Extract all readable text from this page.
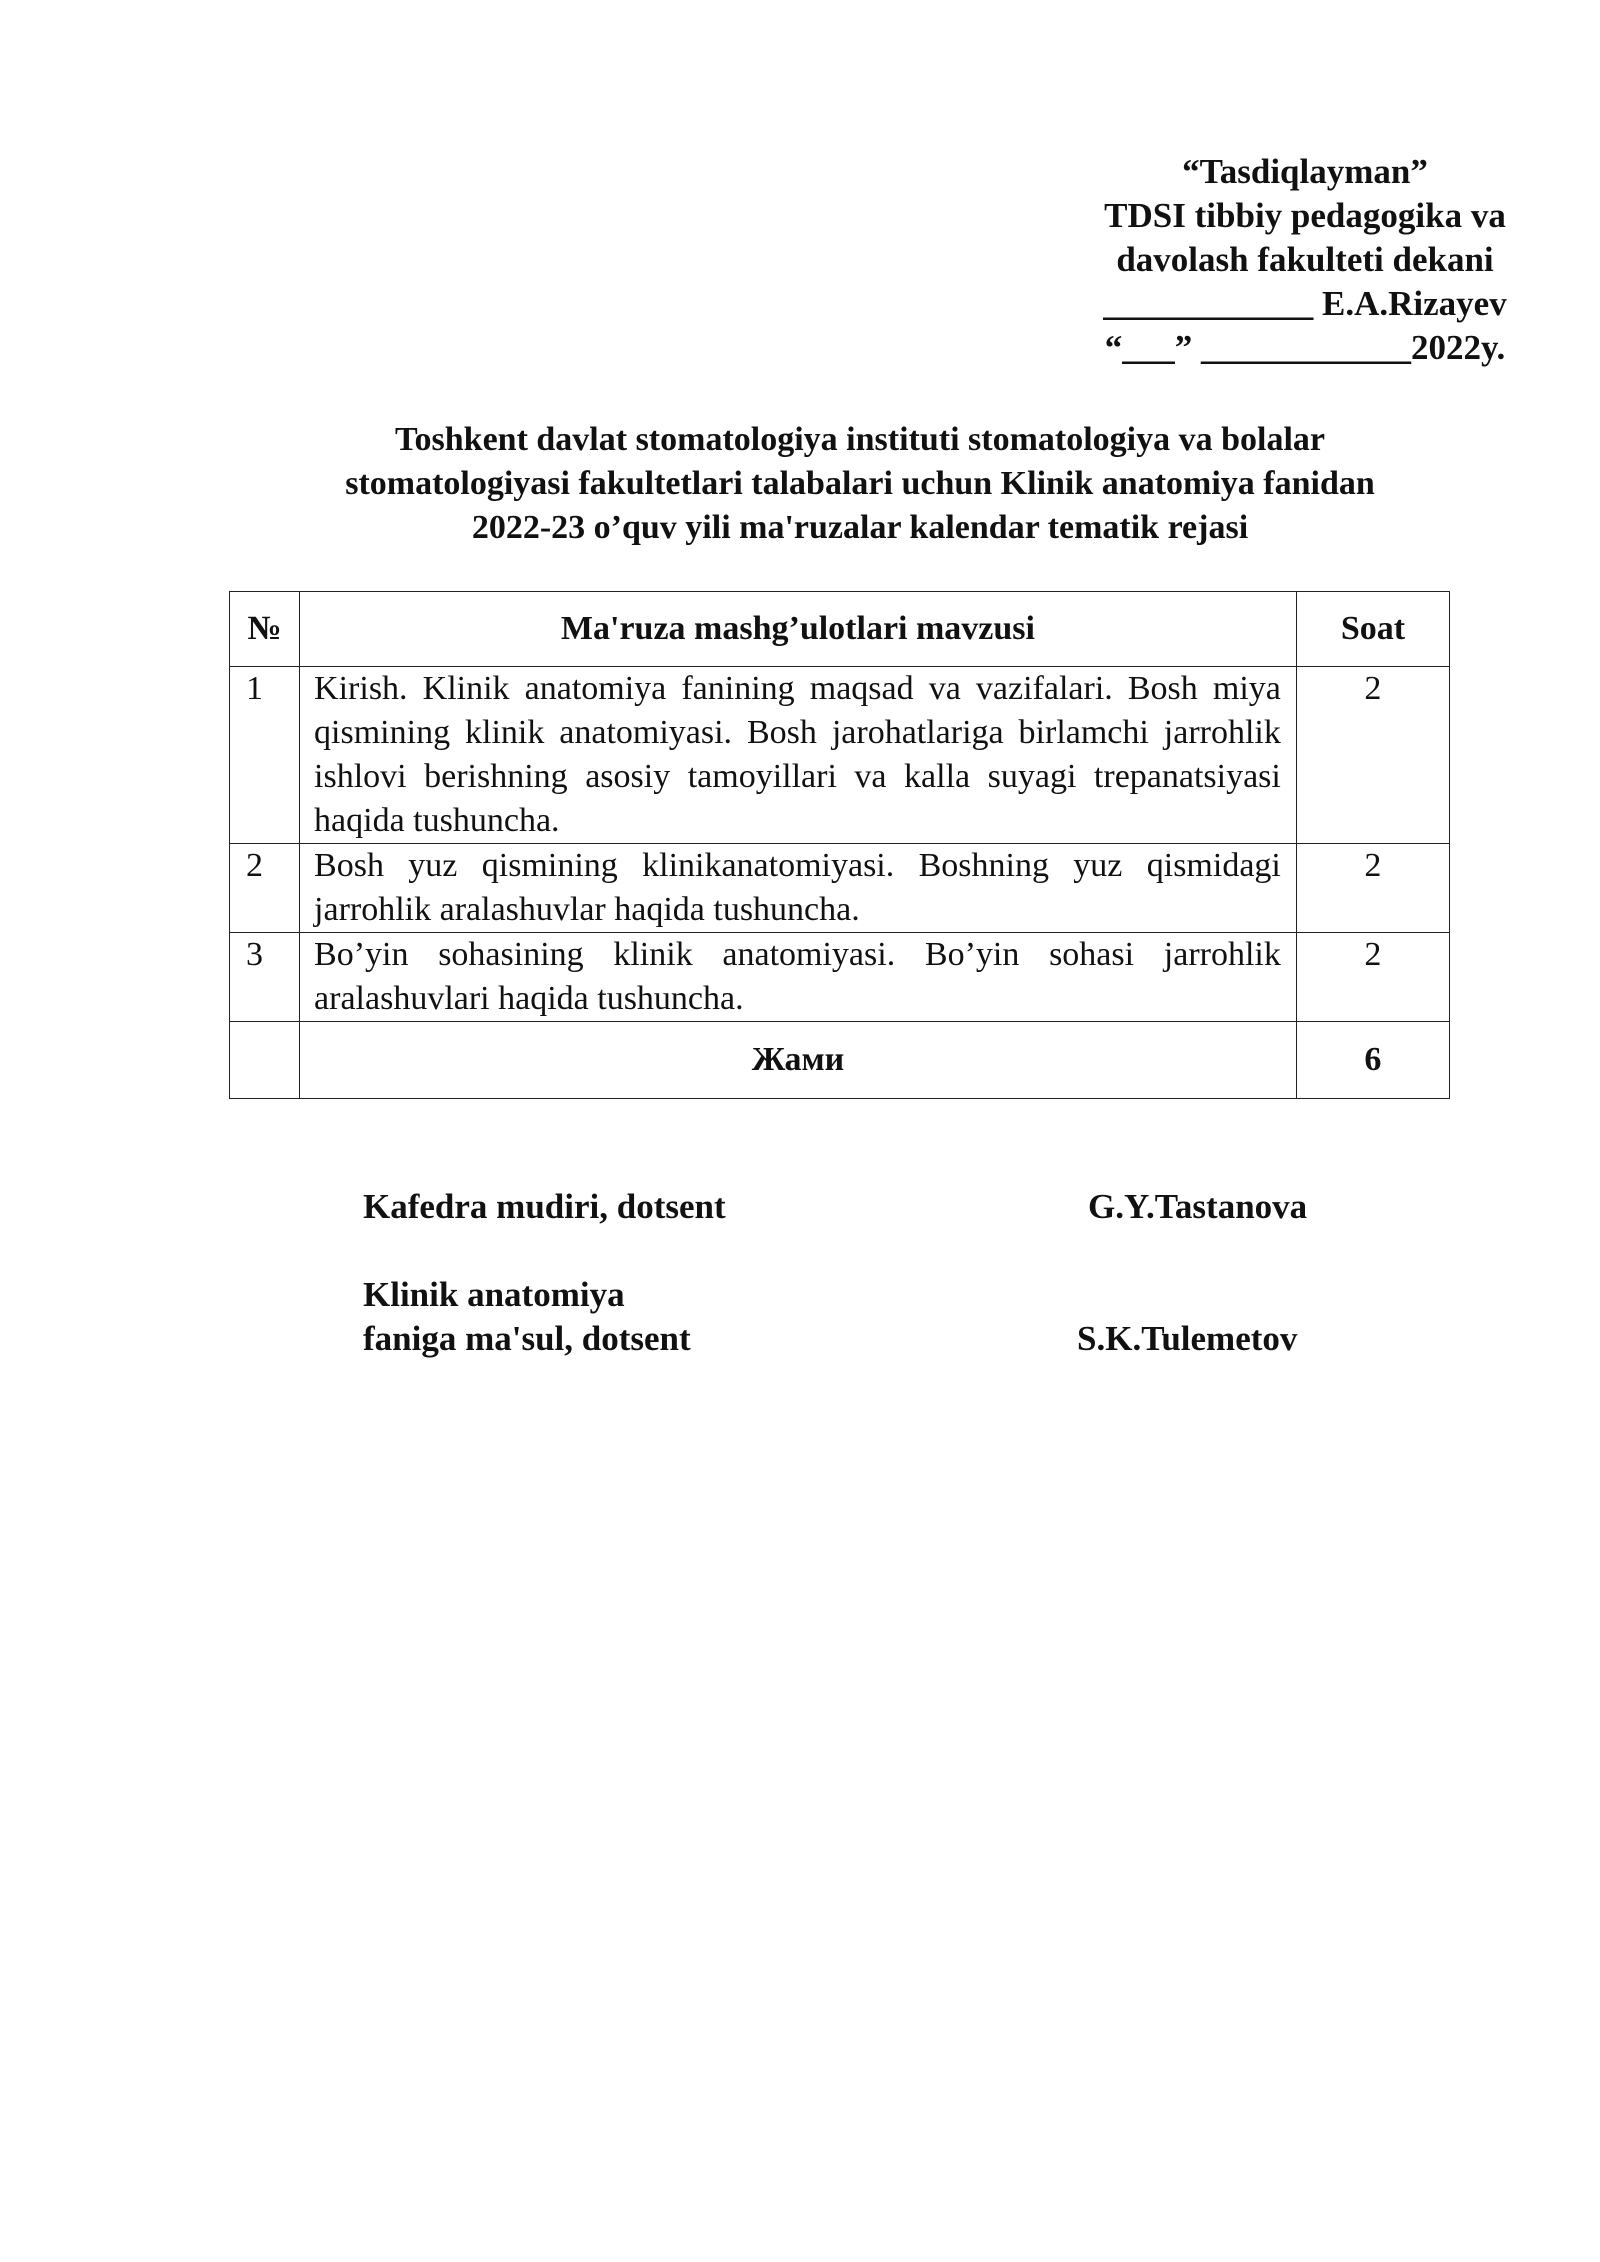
“Tasdiqlayman”
TDSI tibbiy pedagogika va
davolash fakulteti dekani
____________ E.A.Rizayev
“___” ____________2022y.
Toshkent davlat stomatologiya instituti stomatologiya va bolalar
stomatologiyasi fakultetlari talabalari uchun Klinik anatomiya fanidan
2022-23 o’quv yili ma'ruzalar kalendar tematik rejasi
№	Ma'ruza mashg’ulotlari mavzusi	Soat
1	Kirish. Klinik anatomiya fanining maqsad va vazifalari. Bosh miya qismining klinik anatomiyasi. Bosh jarohatlariga birlamchi jarrohlik ishlovi berishning asosiy tamoyillari va kalla suyagi trepanatsiyasi haqida tushuncha.	2
2	Bosh yuz qismining klinikanatomiyasi. Boshning yuz qismidagi jarrohlik aralashuvlar haqida tushuncha.	2
3	Bo’yin sohasining klinik anatomiyasi. Bo’yin sohasi jarrohlik aralashuvlari haqida tushuncha.	2
	Жами	6
Kafedra mudiri, dotsent	G.Y.Tastanova
Klinik anatomiya
faniga ma'sul, dotsent	S.K.Tulemetov
